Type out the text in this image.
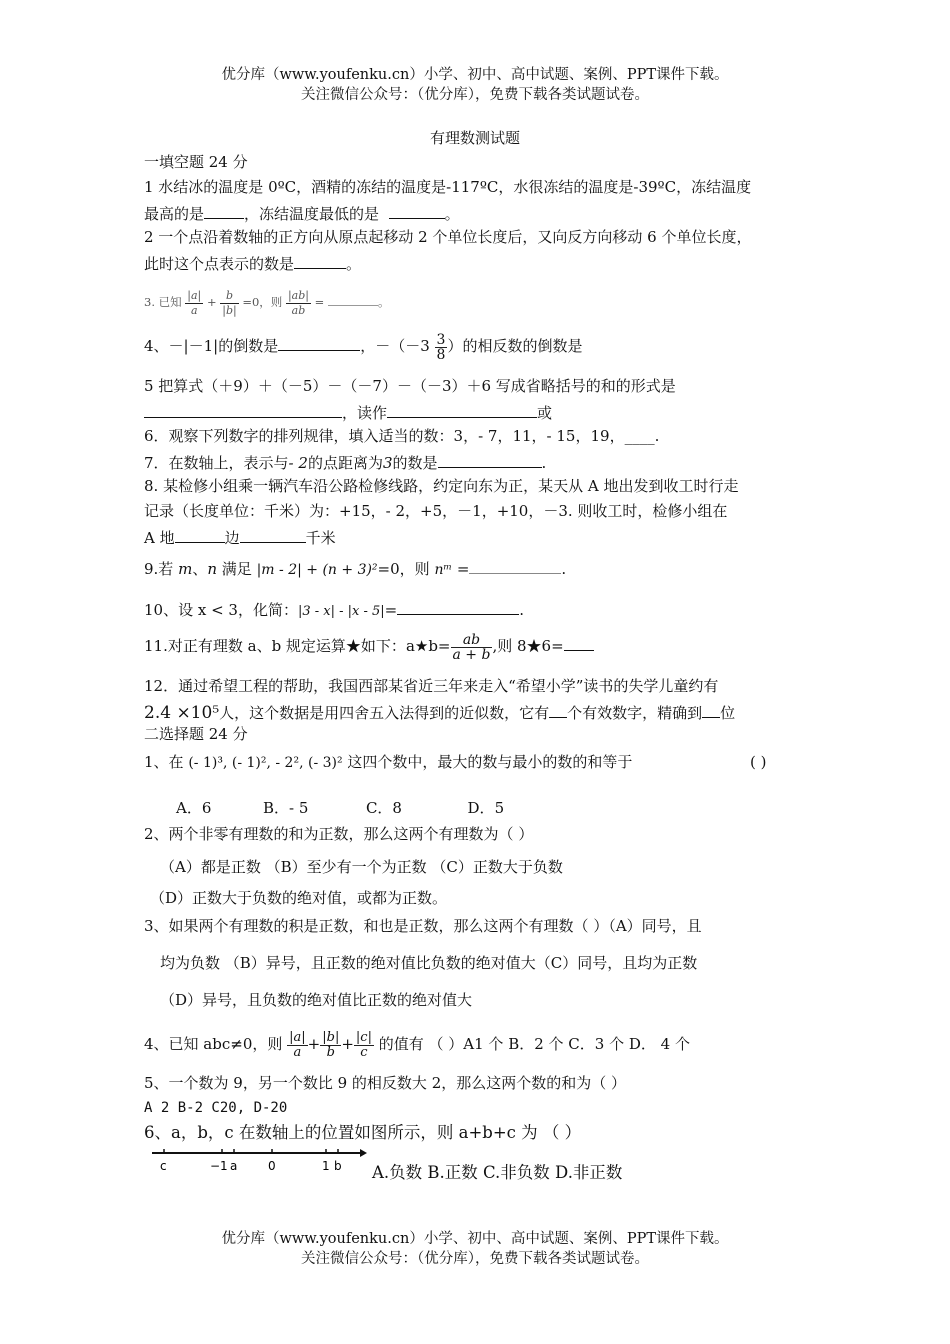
优分库（www.youfenku.cn）小学、初中、高中试题、案例、PPT课件下载。
关注微信公众号：（优分库），免费下载各类试题试卷。
有理数测试题
一填空题 24 分
1 水结冰的温度是 0ºC，酒精的冻结的温度是-117ºC，水很冻结的温度是-39ºC，冻结温度
最高的是	，冻结温度最低的是	。
2 一个点沿着数轴的正方向从原点起移动 2 个单位长度后，又向反方向移动 6 个单位长度，
此时这个点表示的数是	。
3. 已知 $\frac{|a|}{a} + \frac{b}{|b|} =0$，则 $\frac{|ab|}{ab}$ =	。
4、－|－1|的倒数是	，$-(-3 \frac{3}{8}$ ）的相反数的倒数是
5 把算式（＋9）＋（－5）－（－7）－（－3）＋6 写成省略括号的和的形式是
，读作	或
6．观察下列数字的排列规律，填入适当的数：3，- 7，11，- 15，19，____.
7．在数轴上，表示与- 2的点距离为3的数是	.
8. 某检修小组乘一辆汽车沿公路检修线路，约定向东为正，某天从 A 地出发到收工时行走
记录（长度单位：千米）为：+15，- 2，+5，－1，+10，－3. 则收工时，检修小组在
A 地	边	千米
9.若 m、n 满足 |m - 2| + (n + 3)²=0，则 nᵐ =	.
10、设 x < 3，化简：|3 - x| - |x - 5|=	.
11.对正有理数 a、b 规定运算★如下：a★b= $\frac{ab}{a + b}$ ,则 8★6=
12．通过希望工程的帮助，我国西部某省近三年来走入“希望小学”读书的失学儿童约有
2.4 ×10⁵人，这个数据是用四舍五入法得到的近似数，它有 个有效数字，精确到 位
二选择题 24 分
1、在 (- 1)³, (- 1)², - 2², (- 3)² 这四个数中，最大的数与最小的数的和等于	( )
A．6	B．- 5	C．8	D．5
2、两个非零有理数的和为正数，那么这两个有理数为（ ）
（A）都是正数 （B）至少有一个为正数 （C）正数大于负数
（D）正数大于负数的绝对值，或都为正数。
3、如果两个有理数的积是正数，和也是正数，那么这两个有理数（ ）（A）同号，且
均为负数 （B）异号，且正数的绝对值比负数的绝对值大（C）同号，且均为正数
（D）异号，且负数的绝对值比正数的绝对值大
4、已知 abc≠0，则 $\frac{|a|}{a} + \frac{|b|}{b} + \frac{|c|}{c}$ 的值有 （ ）A1 个 B．2 个 C．3 个 D． 4 个
5、一个数为 9，另一个数比 9 的相反数大 2，那么这两个数的和为（ ）
A 2 B-2 C20, D-20
6、a，b，c 在数轴上的位置如图所示，则 a+b+c 为 （ ）
c	−1 a	0	1 b A.负数 B.正数 C.非负数 D.非正数
优分库（www.youfenku.cn）小学、初中、高中试题、案例、PPT课件下载。
关注微信公众号：（优分库），免费下载各类试题试卷。
